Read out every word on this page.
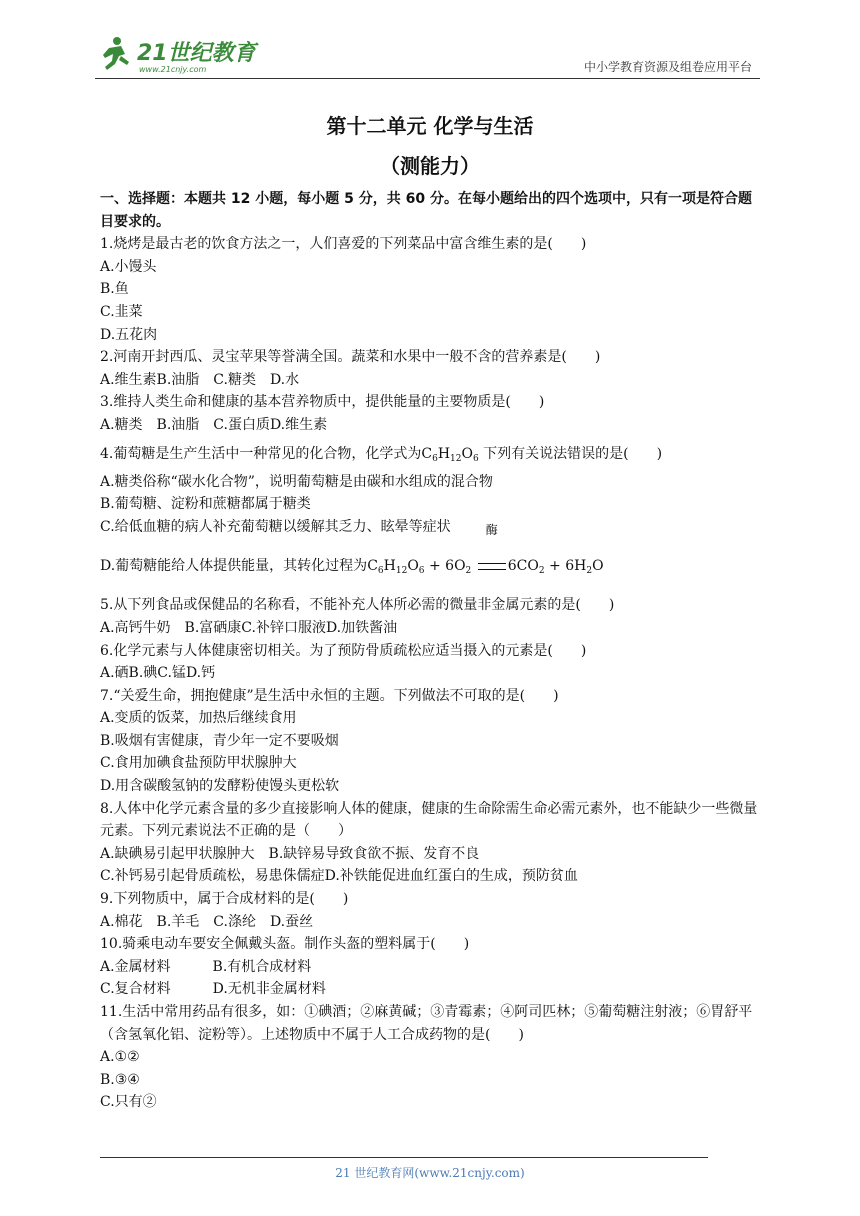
21世纪教育
www.21cnjy.com	中小学教育资源及组卷应用平台
第十二单元 化学与生活
（测能力）
一、选择题：本题共 12 小题，每小题 5 分，共 60 分。在每小题给出的四个选项中，只有一项是符合题目要求的。
1.烧烤是最古老的饮食方法之一，人们喜爱的下列菜品中富含维生素的是(　　)
A.小馒头
B.鱼
C.韭菜
D.五花肉
2.河南开封西瓜、灵宝苹果等誉满全国。蔬菜和水果中一般不含的营养素是(　　)
A.维生素B.油脂　C.糖类　D.水
3.维持人类生命和健康的基本营养物质中，提供能量的主要物质是(　　)
A.糖类　B.油脂　C.蛋白质D.维生素
4.葡萄糖是生产生活中一种常见的化合物，化学式为$C_6H_{12}O_6$ 下列有关说法错误的是(　　)
A.糖类俗称“碳水化合物”，说明葡萄糖是由碳和水组成的混合物
B.葡萄糖、淀粉和蔗糖都属于糖类
C.给低血糖的病人补充葡萄糖以缓解其乏力、眩晕等症状
D.葡萄糖能给人体提供能量，其转化过程为$C_6H_{12}O_6 + 6O_2$
酶
$6CO_2 + 6H_2O$
5.从下列食品或保健品的名称看，不能补充人体所必需的微量非金属元素的是(　　)
A.高钙牛奶　B.富硒康C.补锌口服液D.加铁酱油
6.化学元素与人体健康密切相关。为了预防骨质疏松应适当摄入的元素是(　　)
A.硒B.碘C.锰D.钙
7.“关爱生命，拥抱健康”是生活中永恒的主题。下列做法不可取的是(　　)
A.变质的饭菜，加热后继续食用
B.吸烟有害健康，青少年一定不要吸烟
C.食用加碘食盐预防甲状腺肿大
D.用含碳酸氢钠的发酵粉使馒头更松软
8.人体中化学元素含量的多少直接影响人体的健康，健康的生命除需生命必需元素外，也不能缺少一些微量元素。下列元素说法不正确的是（　　）
A.缺碘易引起甲状腺肿大　B.缺锌易导致食欲不振、发育不良
C.补钙易引起骨质疏松，易患侏儒症D.补铁能促进血红蛋白的生成，预防贫血
9.下列物质中，属于合成材料的是(　　)
A.棉花　B.羊毛　C.涤纶　D.蚕丝
10.骑乘电动车要安全佩戴头盔。制作头盔的塑料属于(　　)
A.金属材料　　　B.有机合成材料
C.复合材料　　　D.无机非金属材料
11.生活中常用药品有很多，如：①碘酒；②麻黄碱；③青霉素；④阿司匹林；⑤葡萄糖注射液；⑥胃舒平（含氢氧化铝、淀粉等）。上述物质中不属于人工合成药物的是(　　)
A.①②
B.③④
C.只有②
21 世纪教育网(www.21cnjy.com)
